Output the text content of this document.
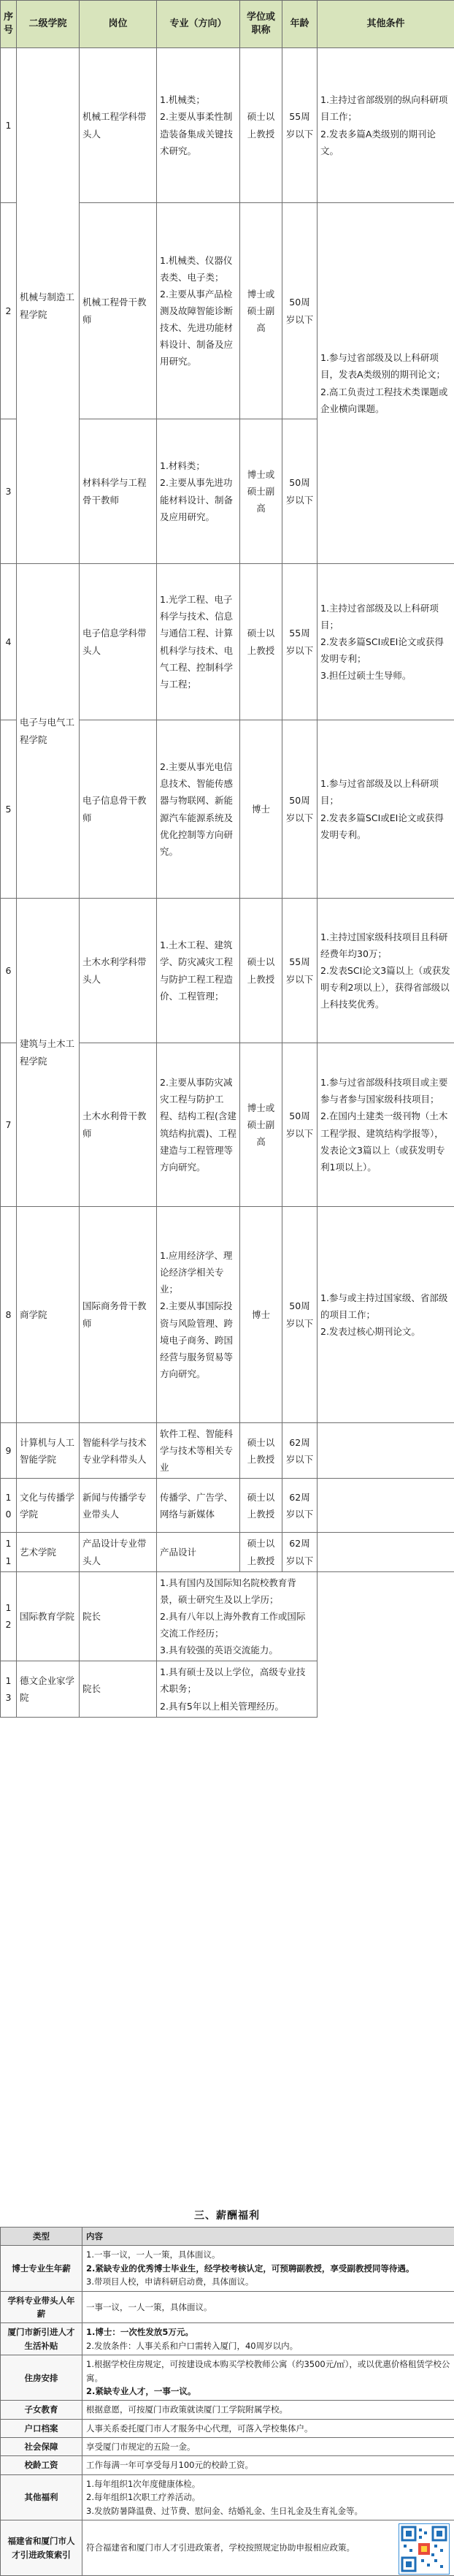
序号	二级学院	岗位	专业（方向）	学位或职称	年龄	其他条件
1	机械与制造工程学院	机械工程学科带头人	1.机械类；
2.主要从事柔性制造装备集成关键技术研究。	硕士以上教授	55周岁以下	1.主持过省部级别的纵向科研项目工作；
2.发表多篇A类级别的期刊论文。

2		机械工程骨干教师	1.机械类、仪器仪表类、电子类；
2.主要从事产品检测及故障智能诊断技术、先进功能材料设计、制备及应用研究。	博士或硕士副高	50周岁以下	1.参与过省部级及以上科研项目，发表A类级别的期刊论文；
2.高工负责过工程技术类课题或企业横向课题。

3		材料科学与工程骨干教师	1.材料类；
2.主要从事先进功能材料设计、制备及应用研究。	博士或硕士副高	50周岁以下	
4	电子与电气工程学院	电子信息学科带头人	1.光学工程、电子科学与技术、信息与通信工程、计算机科学与技术、电气工程、控制科学与工程；	硕士以上教授	55周岁以下	1.主持过省部级及以上科研项目；
2.发表多篇SCI或EI论文或获得发明专利；
3.担任过硕士生导师。

5		电子信息骨干教师	2.主要从事光电信息技术、智能传感器与物联网、新能源汽车能源系统及优化控制等方向研究。	博士	50周岁以下	1.参与过省部级及以上科研项目；
2.发表多篇SCI或EI论文或获得发明专利。

6	建筑与土木工程学院	土木水利学科带头人	1.土木工程、建筑学、防灾减灾工程与防护工程工程造价、工程管理；	硕士以上教授	55周岁以下	1.主持过国家级科技项目且科研经费年均30万；
2.发表SCI论文3篇以上（或获发明专利2项以上），获得省部级以上科技奖优秀。

7		土木水利骨干教师	2.主要从事防灾减灾工程与防护工程、结构工程(含建筑结构抗震)、工程建造与工程管理等方向研究。	博士或硕士副高	50周岁以下	1.参与过省部级科技项目或主要参与者参与国家级科技项目；
2.在国内土建类一级刊物（土木工程学报、建筑结构学报等），发表论文3篇以上（或获发明专利1项以上）。

8	商学院	国际商务骨干教师	1.应用经济学、理论经济学相关专业；
2.主要从事国际投资与风险管理、跨境电子商务、跨国经营与服务贸易等方向研究。	博士	50周岁以下	1.参与或主持过国家级、省部级的项目工作；
2.发表过核心期刊论文。

9	计算机与人工智能学院	智能科学与技术专业学科带头人	软件工程、智能科学与技术等相关专业	硕士以上教授	62周岁以下	
10	文化与传播学学院	新闻与传播学专业带头人	传播学、广告学、网络与新媒体	硕士以上教授	62周岁以下	
11	艺术学院	产品设计专业带头人	产品设计	硕士以上教授	62周岁以下	
12	国际教育学院	院长	1.具有国内及国际知名院校教育背景，硕士研究生及以上学历；
2.具有八年以上海外教育工作或国际交流工作经历；
3.具有较强的英语交流能力。			

13	德文企业家学院	院长	1.具有硕士及以上学位，高级专业技术职务；
2.具有5年以上相关管理经历。			
三、薪酬福利
类型	内容
博士专业生年薪	1.一事一议，一人一策，具体面议。
2.紧缺专业的优秀博士毕业生，经学校考核认定，可预聘副教授，享受副教授同等待遇。
3.带项目人校，申请科研启动费，具体面议。

学科专业带头人年薪	一事一议，一人一策，具体面议。

厦门市新引进人才生活补贴	1.博士：一次性发放5万元。
2.发放条件：人事关系和户口需转入厦门，40周岁以内。

住房安排	1.根据学校住房规定，可按建设成本购买学校教师公寓（约3500元/㎡），或以优惠价格租赁学校公寓。
2.紧缺专业人才，一事一议。

子女教育	根据意愿，可按厦门市政策就读厦门工学院附属学校。

户口档案	人事关系委托厦门市人才服务中心代理，可落入学校集体户。

社会保障	享受厦门市规定的五险一金。

校龄工资	工作每满一年可享受每月100元的校龄工资。

其他福利	1.每年组织1次年度健康体检。
2.每年组织1次职工疗养活动。
3.发放防暑降温费、过节费、慰问金、结婚礼金、生日礼金及生育礼金等。

福建省和厦门市人才引进政策索引	符合福建省和厦门市人才引进政策者，学校按照规定协助申报相应政策。
